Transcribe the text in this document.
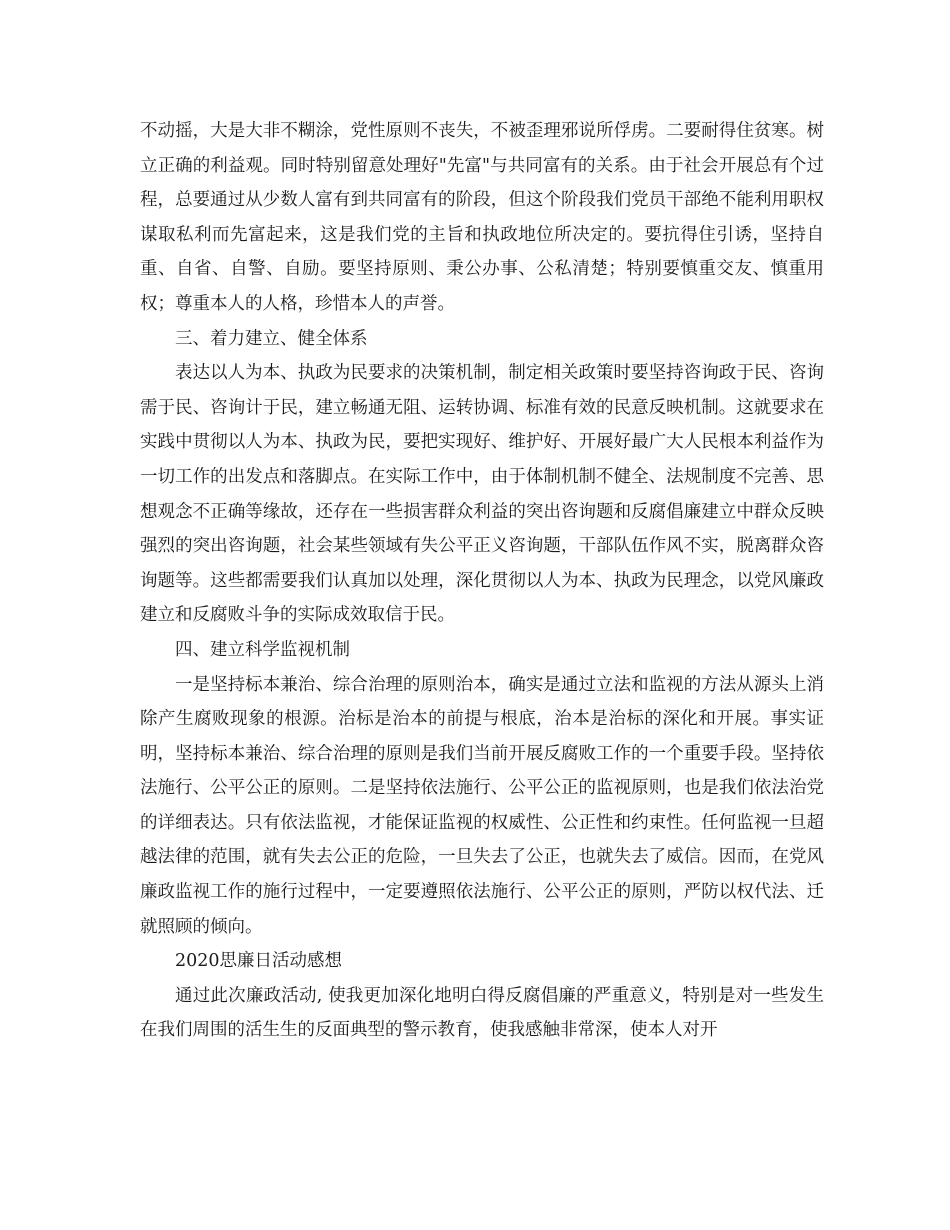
不动摇，大是大非不糊涂，党性原则不丧失，不被歪理邪说所俘虏。二要耐得住贫寒。树立正确的利益观。同时特别留意处理好"先富"与共同富有的关系。由于社会开展总有个过程，总要通过从少数人富有到共同富有的阶段，但这个阶段我们党员干部绝不能利用职权谋取私利而先富起来，这是我们党的主旨和执政地位所决定的。要抗得住引诱，坚持自重、自省、自警、自励。要坚持原则、秉公办事、公私清楚；特别要慎重交友、慎重用权；尊重本人的人格，珍惜本人的声誉。

三、着力建立、健全体系

表达以人为本、执政为民要求的决策机制，制定相关政策时要坚持咨询政于民、咨询需于民、咨询计于民，建立畅通无阻、运转协调、标准有效的民意反映机制。这就要求在实践中贯彻以人为本、执政为民，要把实现好、维护好、开展好最广大人民根本利益作为一切工作的出发点和落脚点。在实际工作中，由于体制机制不健全、法规制度不完善、思想观念不正确等缘故，还存在一些损害群众利益的突出咨询题和反腐倡廉建立中群众反映强烈的突出咨询题，社会某些领域有失公平正义咨询题，干部队伍作风不实，脱离群众咨询题等。这些都需要我们认真加以处理，深化贯彻以人为本、执政为民理念，以党风廉政建立和反腐败斗争的实际成效取信于民。

四、建立科学监视机制

一是坚持标本兼治、综合治理的原则治本，确实是通过立法和监视的方法从源头上消除产生腐败现象的根源。治标是治本的前提与根底，治本是治标的深化和开展。事实证明，坚持标本兼治、综合治理的原则是我们当前开展反腐败工作的一个重要手段。坚持依法施行、公平公正的原则。二是坚持依法施行、公平公正的监视原则，也是我们依法治党的详细表达。只有依法监视，才能保证监视的权威性、公正性和约束性。任何监视一旦超越法律的范围，就有失去公正的危险，一旦失去了公正，也就失去了威信。因而，在党风廉政监视工作的施行过程中，一定要遵照依法施行、公平公正的原则，严防以权代法、迁就照顾的倾向。

2020思廉日活动感想

通过此次廉政活动, 使我更加深化地明白得反腐倡廉的严重意义，特别是对一些发生在我们周围的活生生的反面典型的警示教育，使我感触非常深，使本人对开
